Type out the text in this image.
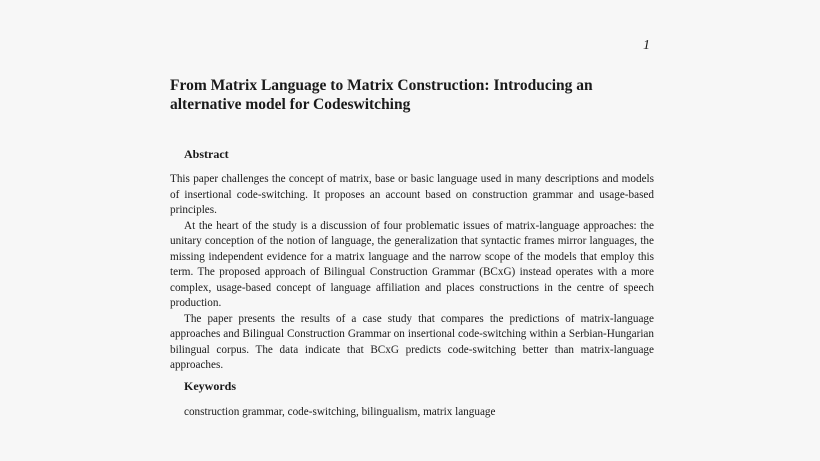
1
From Matrix Language to Matrix Construction: Introducing an alternative model for Codeswitching
Abstract

This paper challenges the concept of matrix, base or basic language used in many descriptions and models of insertional code-switching. It proposes an account based on construction grammar and usage-based principles.

At the heart of the study is a discussion of four problematic issues of matrix-language approaches: the unitary conception of the notion of language, the generalization that syntactic frames mirror languages, the missing independent evidence for a matrix language and the narrow scope of the models that employ this term. The proposed approach of Bilingual Construction Grammar (BCxG) instead operates with a more complex, usage-based concept of language affiliation and places constructions in the centre of speech production.

The paper presents the results of a case study that compares the predictions of matrix-language approaches and Bilingual Construction Grammar on insertional code-switching within a Serbian-Hungarian bilingual corpus. The data indicate that BCxG predicts code-switching better than matrix-language approaches.

Keywords

construction grammar, code-switching, bilingualism, matrix language
